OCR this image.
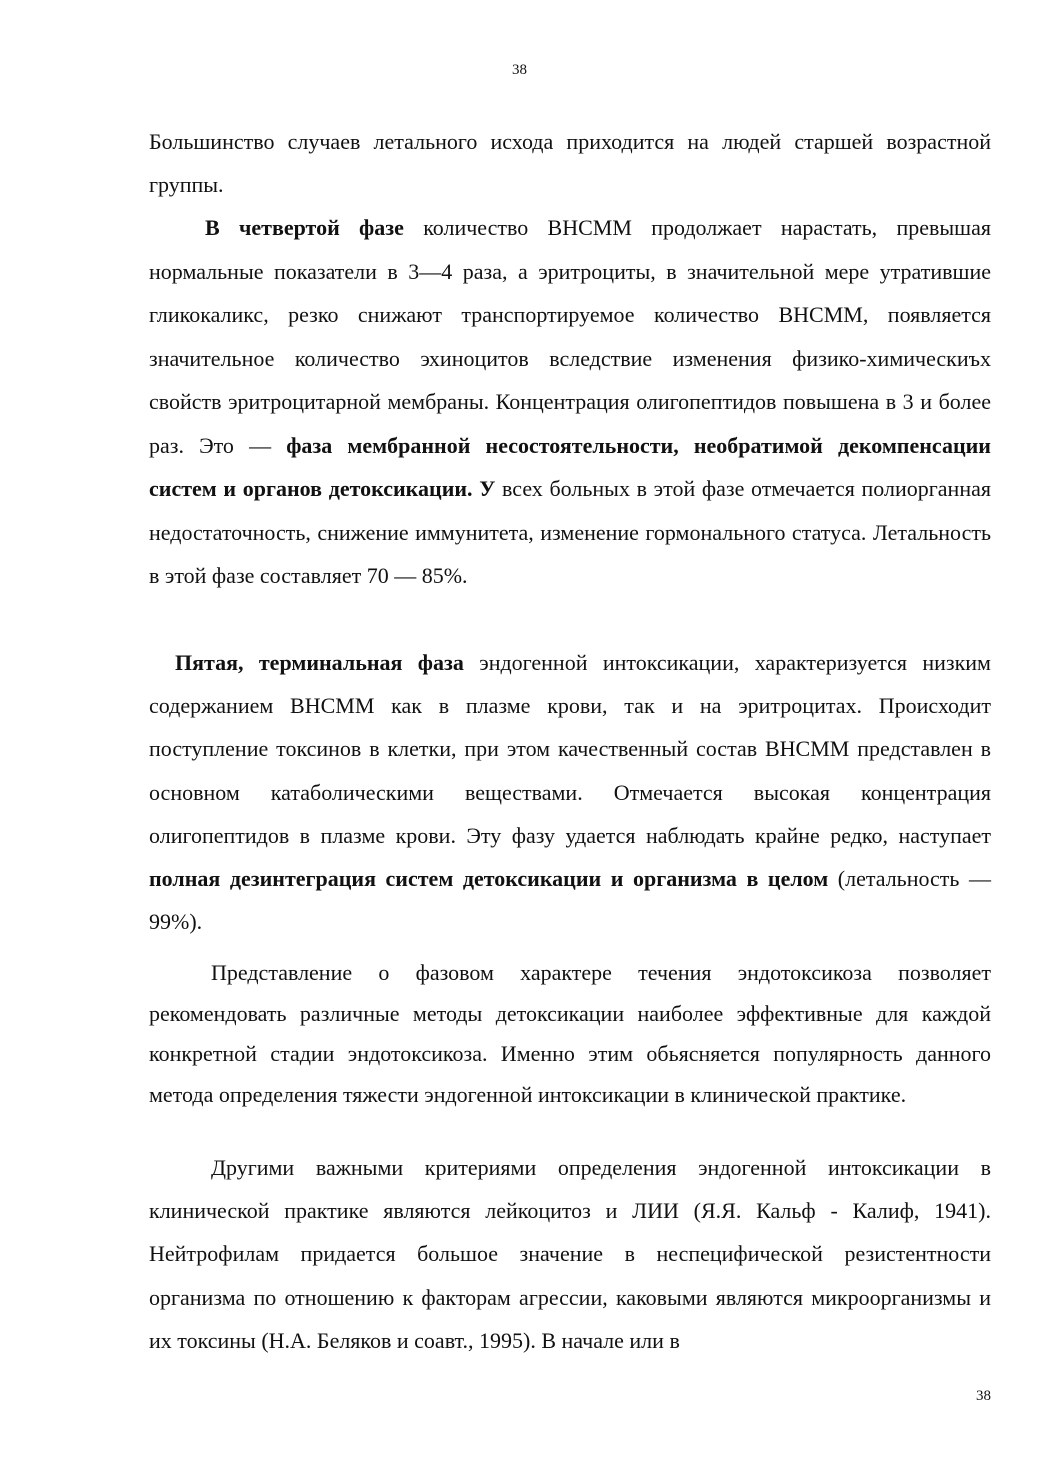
38

Большинство случаев летального исхода приходится на людей старшей возрастной группы.

В четвертой фазе количество ВНСММ продолжает нарастать, превышая нормальные показатели в 3—4 раза, а эритроциты, в значительной мере утратившие гликокаликс, резко снижают транспортируемое количество ВНСММ, появляется значительное количество эхиноцитов вследствие изменения физико-химическиъх свойств эритроцитарной мембраны. Концентрация олигопептидов повышена в 3 и более раз. Это — фаза мембранной несостоятельности, необратимой декомпенсации систем и органов детоксикации. У всех больных в этой фазе отмечается полиорганная недостаточность, снижение иммунитета, изменение гормонального статуса. Летальность в этой фазе составляет 70 — 85%.

Пятая, терминальная фаза эндогенной интоксикации, характеризуется низким содержанием ВНСММ как в плазме крови, так и на эритроцитах. Происходит поступление токсинов в клетки, при этом качественный состав ВНСММ представлен в основном катаболическими веществами. Отмечается высокая концентрация олигопептидов в плазме крови. Эту фазу удается наблюдать крайне редко, наступает полная дезинтеграция систем детоксикации и организма в целом (летальность — 99%).

Представление о фазовом характере течения эндотоксикоза позволяет рекомендовать различные методы детоксикации наиболее эффективные для каждой конкретной стадии эндотоксикоза. Именно этим обьясняется популярность данного метода определения тяжести эндогенной интоксикации в клинической практике.

Другими важными критериями определения эндогенной интоксикации в клинической практике являются лейкоцитоз и ЛИИ (Я.Я. Кальф - Калиф, 1941). Нейтрофилам придается большое значение в неспецифической резистентности организма по отношению к факторам агрессии, каковыми являются микроорганизмы и их токсины (Н.А. Беляков и соавт., 1995). В начале или в

38
